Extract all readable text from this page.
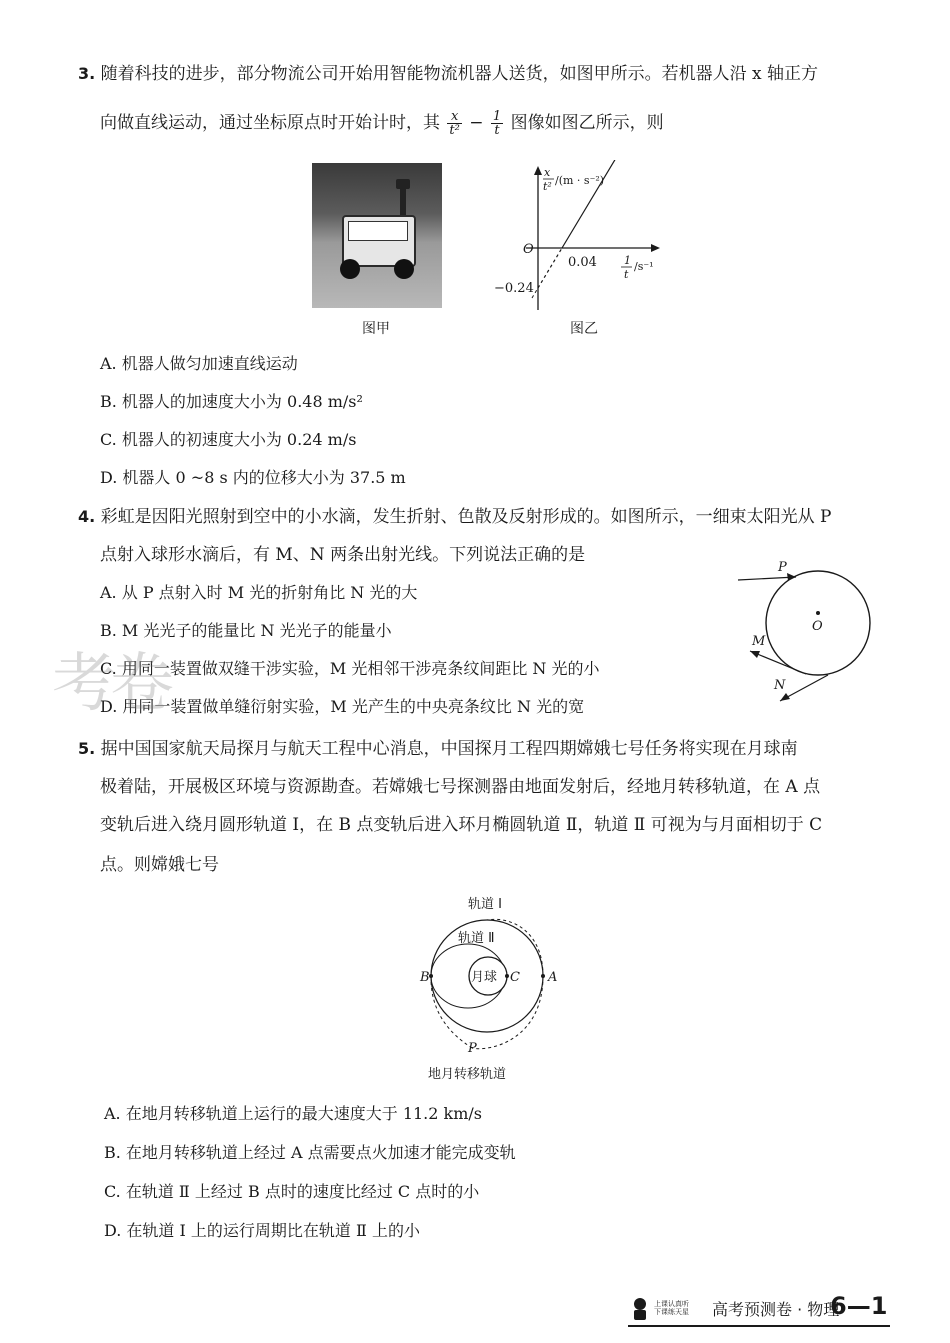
3. 随着科技的进步，部分物流公司开始用智能物流机器人送货，如图甲所示。若机器人沿 x 轴正方
向做直线运动，通过坐标原点时开始计时，其 $\frac{x}{\text{t²}} - \frac{1}{t}$ 图像如图乙所示，则
图甲
x
t² /(m · s⁻²)
O
0.04
−0.24
1
t
/s⁻¹
图乙
A. 机器人做匀加速直线运动
B. 机器人的加速度大小为 0.48 m/s²
C. 机器人的初速度大小为 0.24 m/s
D. 机器人 0 ~8 s 内的位移大小为 37.5 m
4. 彩虹是因阳光照射到空中的小水滴，发生折射、色散及反射形成的。如图所示，一细束太阳光从 P
点射入球形水滴后，有 M、N 两条出射光线。下列说法正确的是
A. 从 P 点射入时 M 光的折射角比 N 光的大
B. M 光光子的能量比 N 光光子的能量小
C. 用同一装置做双缝干涉实验，M 光相邻干涉亮条纹间距比 N 光的小
D. 用同一装置做单缝衍射实验，M 光产生的中央亮条纹比 N 光的宽
P
O
M
N
考卷
5. 据中国国家航天局探月与航天工程中心消息，中国探月工程四期嫦娥七号任务将实现在月球南
极着陆，开展极区环境与资源勘查。若嫦娥七号探测器由地面发射后，经地月转移轨道，在 A 点
变轨后进入绕月圆形轨道 Ⅰ，在 B 点变轨后进入环月椭圆轨道 Ⅱ，轨道 Ⅱ 可视为与月面相切于 C
点。则嫦娥七号
轨道 Ⅰ
轨道 Ⅱ
月球	A
B	C
P
地月转移轨道
A. 在地月转移轨道上运行的最大速度大于 11.2 km/s
B. 在地月转移轨道上经过 A 点需要点火加速才能完成变轨
C. 在轨道 Ⅱ 上经过 B 点时的速度比经过 C 点时的小
D. 在轨道 Ⅰ 上的运行周期比在轨道 Ⅱ 上的小
上课认真听
下课练天星 高考预测卷 · 物理
6—1
